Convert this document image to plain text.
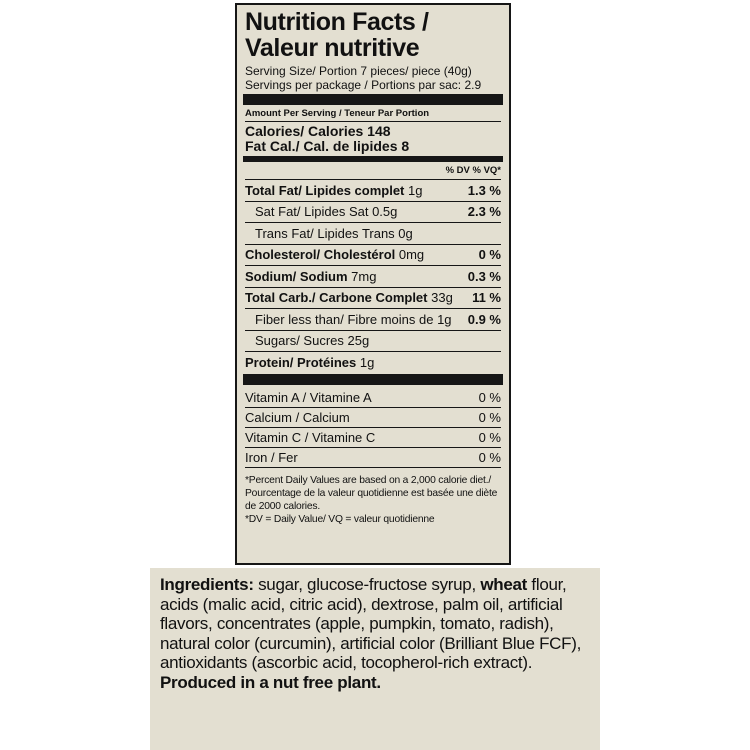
Nutrition Facts /
Valeur nutritive
Serving Size/ Portion 7 pieces/ piece (40g)
Servings per package / Portions par sac: 2.9
Amount Per Serving / Teneur Par Portion
Calories/ Calories 148
Fat Cal./ Cal. de lipides 8
% DV % VQ*
Total Fat/ Lipides complet 1g	1.3 %
Sat Fat/ Lipides Sat 0.5g	2.3 %
Trans Fat/ Lipides Trans 0g
Cholesterol/ Cholestérol 0mg	0 %
Sodium/ Sodium 7mg	0.3 %
Total Carb./ Carbone Complet 33g 11 %
Fiber less than/ Fibre moins de 1g 0.9 %
Sugars/ Sucres 25g
Protein/ Protéines 1g
Vitamin A / Vitamine A	0 %
Calcium / Calcium	0 %
Vitamin C / Vitamine C	0 %
Iron / Fer	0 %
*Percent Daily Values are based on a 2,000 calorie diet./ Pourcentage de la valeur quotidienne est basée une diète de 2000 calories.
*DV = Daily Value/ VQ = valeur quotidienne
Ingredients: sugar, glucose-fructose syrup, wheat flour, acids (malic acid, citric acid), dextrose, palm oil, artificial flavors, concentrates (apple, pumpkin, tomato, radish), natural color (curcumin), artificial color (Brilliant Blue FCF), antioxidants (ascorbic acid, tocopherol-rich extract).
Produced in a nut free plant.
